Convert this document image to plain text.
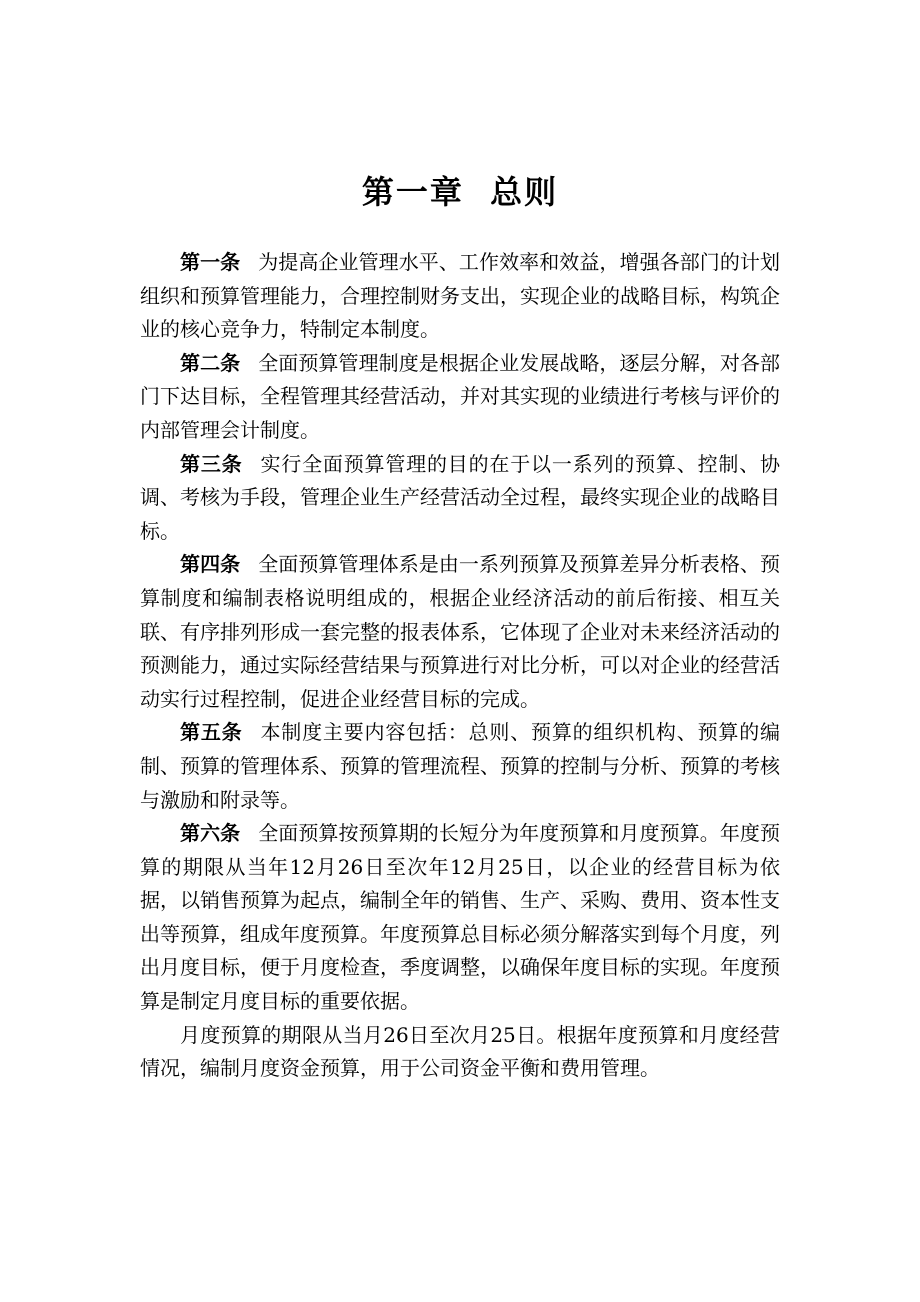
第一章  总则

第一条 为提高企业管理水平、工作效率和效益，增强各部门的计划组织和预算管理能力，合理控制财务支出，实现企业的战略目标，构筑企业的核心竞争力，特制定本制度。

第二条 全面预算管理制度是根据企业发展战略，逐层分解，对各部门下达目标，全程管理其经营活动，并对其实现的业绩进行考核与评价的内部管理会计制度。

第三条 实行全面预算管理的目的在于以一系列的预算、控制、协调、考核为手段，管理企业生产经营活动全过程，最终实现企业的战略目标。

第四条 全面预算管理体系是由一系列预算及预算差异分析表格、预算制度和编制表格说明组成的，根据企业经济活动的前后衔接、相互关联、有序排列形成一套完整的报表体系，它体现了企业对未来经济活动的预测能力，通过实际经营结果与预算进行对比分析，可以对企业的经营活动实行过程控制，促进企业经营目标的完成。

第五条 本制度主要内容包括：总则、预算的组织机构、预算的编制、预算的管理体系、预算的管理流程、预算的控制与分析、预算的考核与激励和附录等。

第六条 全面预算按预算期的长短分为年度预算和月度预算。年度预算的期限从当年12月26日至次年12月25日，以企业的经营目标为依据，以销售预算为起点，编制全年的销售、生产、采购、费用、资本性支出等预算，组成年度预算。年度预算总目标必须分解落实到每个月度，列出月度目标，便于月度检查，季度调整，以确保年度目标的实现。年度预算是制定月度目标的重要依据。

月度预算的期限从当月26日至次月25日。根据年度预算和月度经营情况，编制月度资金预算，用于公司资金平衡和费用管理。
